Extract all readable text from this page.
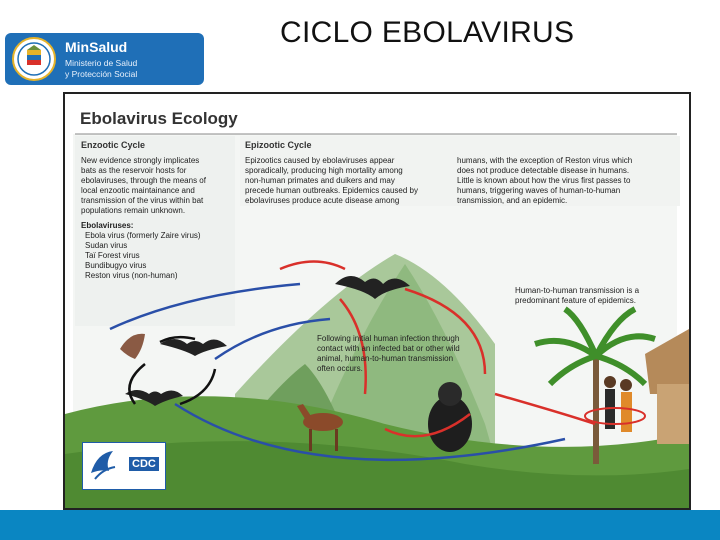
MinSalud
Ministerio de Salud
y Protección Social
CICLO EBOLAVIRUS
Ebolavirus Ecology
Enzootic Cycle
New evidence strongly implicates
bats as the reservoir hosts for
ebolaviruses, through the means of
local enzootic maintainance and
transmission of the virus within bat
populations remain unknown.
Ebolaviruses:
Ebola virus (formerly Zaire virus)
Sudan virus
Taï Forest virus
Bundibugyo virus
Reston virus (non-human)
Epizootic Cycle
Epizootics caused by ebolaviruses appear
sporadically, producing high mortality among
non-human primates and duikers and may
precede human outbreaks. Epidemics caused by
ebolaviruses produce acute disease among
humans, with the exception of Reston virus which
does not produce detectable disease in humans.
Little is known about how the virus first passes to
humans, triggering waves of human-to-human
transmission, and an epidemic.
Human-to-human transmission is a
predominant feature of epidemics.
Following initial human infection through
contact with an infected bat or other wild
animal, human-to-human transmission
often occurs.
CDC
